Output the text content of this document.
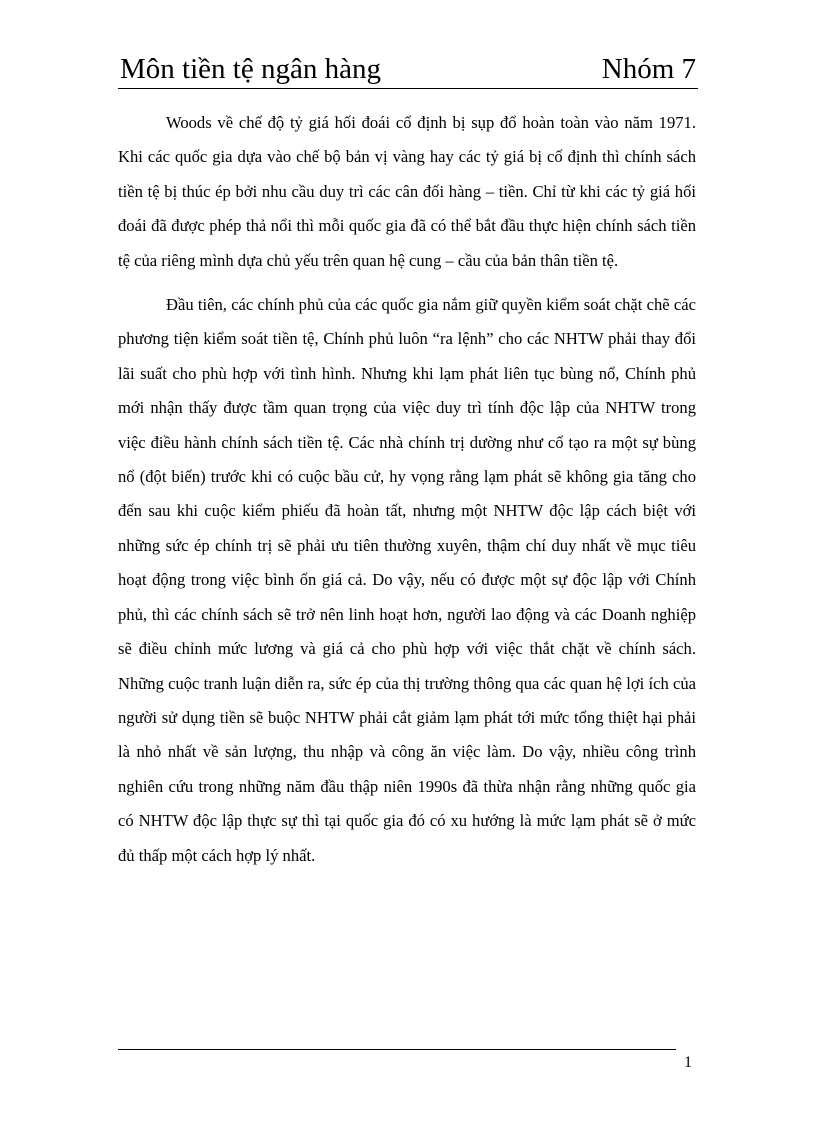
Môn tiền tệ ngân hàng	Nhóm 7

Woods về chế độ tỷ giá hối đoái cố định bị sụp đổ hoàn toàn vào năm 1971. Khi các quốc gia dựa vào chế bộ bản vị vàng hay các tỷ giá bị cố định thì chính sách tiền tệ bị thúc ép bởi nhu cầu duy trì các cân đối hàng – tiền. Chỉ từ khi các tỷ giá hối đoái đã được phép thả nổi thì mỗi quốc gia đã có thể bắt đầu thực hiện chính sách tiền tệ của riêng mình dựa chủ yếu trên quan hệ cung – cầu của bản thân tiền tệ.

Đầu tiên, các chính phủ của các quốc gia nắm giữ quyền kiểm soát chặt chẽ các phương tiện kiểm soát tiền tệ, Chính phủ luôn “ra lệnh” cho các NHTW phải thay đổi lãi suất cho phù hợp với tình hình. Nhưng khi lạm phát liên tục bùng nổ, Chính phủ mới nhận thấy được tầm quan trọng của việc duy trì tính độc lập của NHTW trong việc điều hành chính sách tiền tệ. Các nhà chính trị dường như cố tạo ra một sự bùng nổ (đột biến) trước khi có cuộc bầu cử, hy vọng rằng lạm phát sẽ không gia tăng cho đến sau khi cuộc kiểm phiếu đã hoàn tất, nhưng một NHTW độc lập cách biệt với những sức ép chính trị sẽ phải ưu tiên thường xuyên, thậm chí duy nhất về mục tiêu hoạt động trong việc bình ổn giá cả. Do vậy, nếu có được một sự độc lập với Chính phủ, thì các chính sách sẽ trở nên linh hoạt hơn, người lao động và các Doanh nghiệp sẽ điều chỉnh mức lương và giá cả cho phù hợp với việc thắt chặt về chính sách. Những cuộc tranh luận diễn ra, sức ép của thị trường thông qua các quan hệ lợi ích của người sử dụng tiền sẽ buộc NHTW phải cắt giảm lạm phát tới mức tổng thiệt hại phải là nhỏ nhất về sản lượng, thu nhập và công ăn việc làm. Do vậy, nhiều công trình nghiên cứu trong những năm đầu thập niên 1990s đã thừa nhận rằng những quốc gia có NHTW độc lập thực sự thì tại quốc gia đó có xu hướng là mức lạm phát sẽ ở mức đủ thấp một cách hợp lý nhất.

1
